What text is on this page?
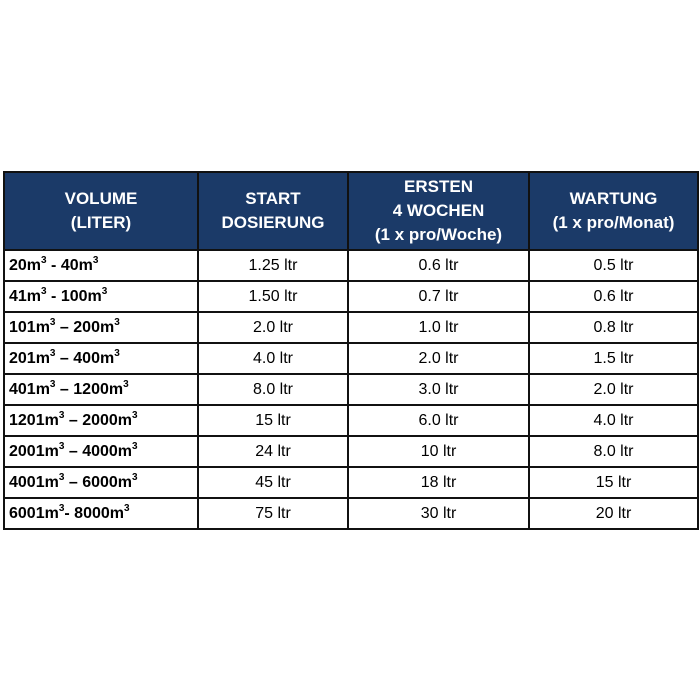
VOLUME
(LITER)	START
DOSIERUNG	ERSTEN
4 WOCHEN
(1 x pro/Woche)	WARTUNG
(1 x pro/Monat)

$20m^3 - 40m^3$	1.25 ltr	0.6 ltr	0.5 ltr
$41m^3 - 100m^3$	1.50 ltr	0.7 ltr	0.6 ltr
$101m^3 - 200m^3$	2.0 ltr	1.0 ltr	0.8 ltr
$201m^3 - 400m^3$	4.0 ltr	2.0 ltr	1.5 ltr
$401m^3 - 1200m^3$	8.0 ltr	3.0 ltr	2.0 ltr
$1201m^3 - 2000m^3$	15 ltr	6.0 ltr	4.0 ltr
$2001m^3 - 4000m^3$	24 ltr	10 ltr	8.0 ltr
$4001m^3 - 6000m^3$	45 ltr	18 ltr	15 ltr
$6001m^3-$ $8000m^3$	75 ltr	30 ltr	20 ltr
